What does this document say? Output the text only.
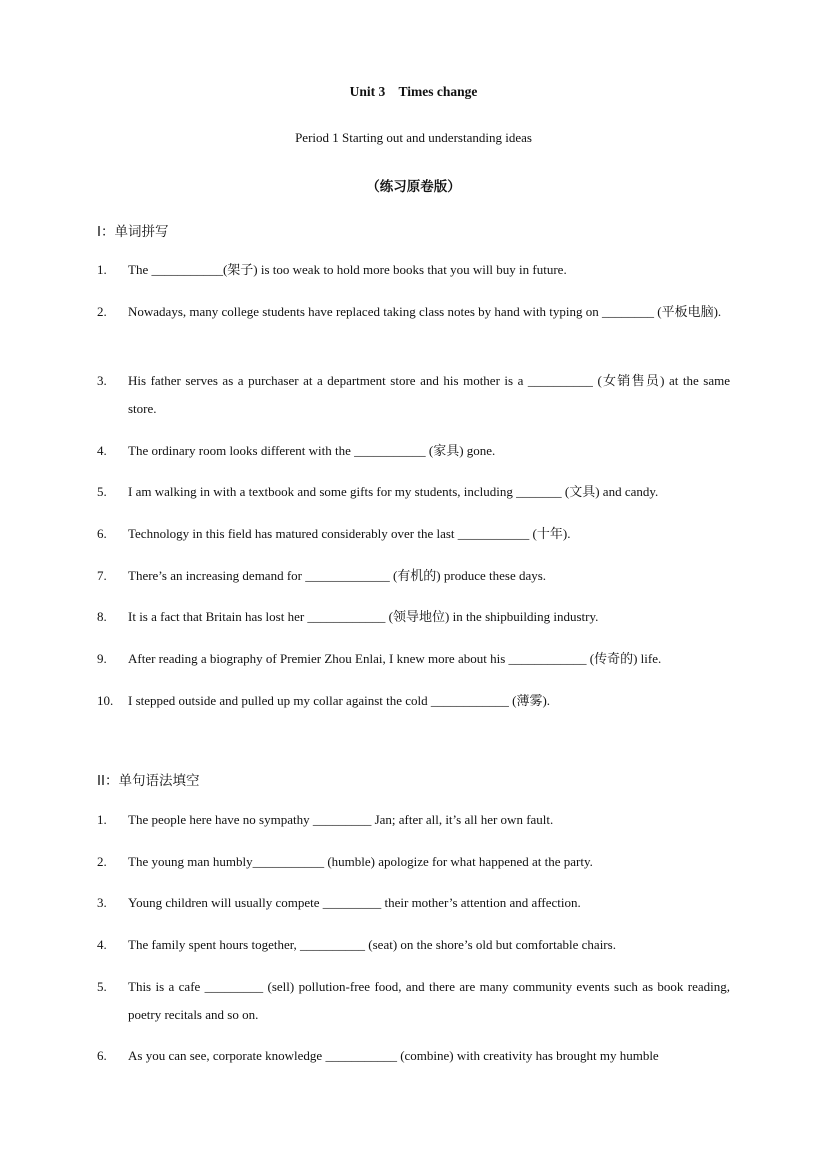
Unit 3    Times change
Period 1 Starting out and understanding ideas
（练习原卷版）
I：单词拼写
1. The ___________(架子) is too weak to hold more books that you will buy in future.
2. Nowadays, many college students have replaced taking class notes by hand with typing on ________ (平板电脑).
3. His father serves as a purchaser at a department store and his mother is a __________ (女销售员) at the same store.
4. The ordinary room looks different with the ___________ (家具) gone.
5. I am walking in with a textbook and some gifts for my students, including _______ (文具) and candy.
6. Technology in this field has matured considerably over the last ___________ (十年).
7. There’s an increasing demand for _____________ (有机的) produce these days.
8. It is a fact that Britain has lost her ____________ (领导地位) in the shipbuilding industry.
9. After reading a biography of Premier Zhou Enlai, I knew more about his ____________ (传奇的) life.
10. I stepped outside and pulled up my collar against the cold ____________ (薄雾).
II：单句语法填空
1. The people here have no sympathy _________ Jan; after all, it’s all her own fault.
2. The young man humbly___________ (humble) apologize for what happened at the party.
3. Young children will usually compete _________ their mother’s attention and affection.
4. The family spent hours together, __________ (seat) on the shore’s old but comfortable chairs.
5. This is a cafe _________ (sell) pollution-free food, and there are many community events such as book reading, poetry recitals and so on.
6. As you can see, corporate knowledge ___________ (combine) with creativity has brought my humble
